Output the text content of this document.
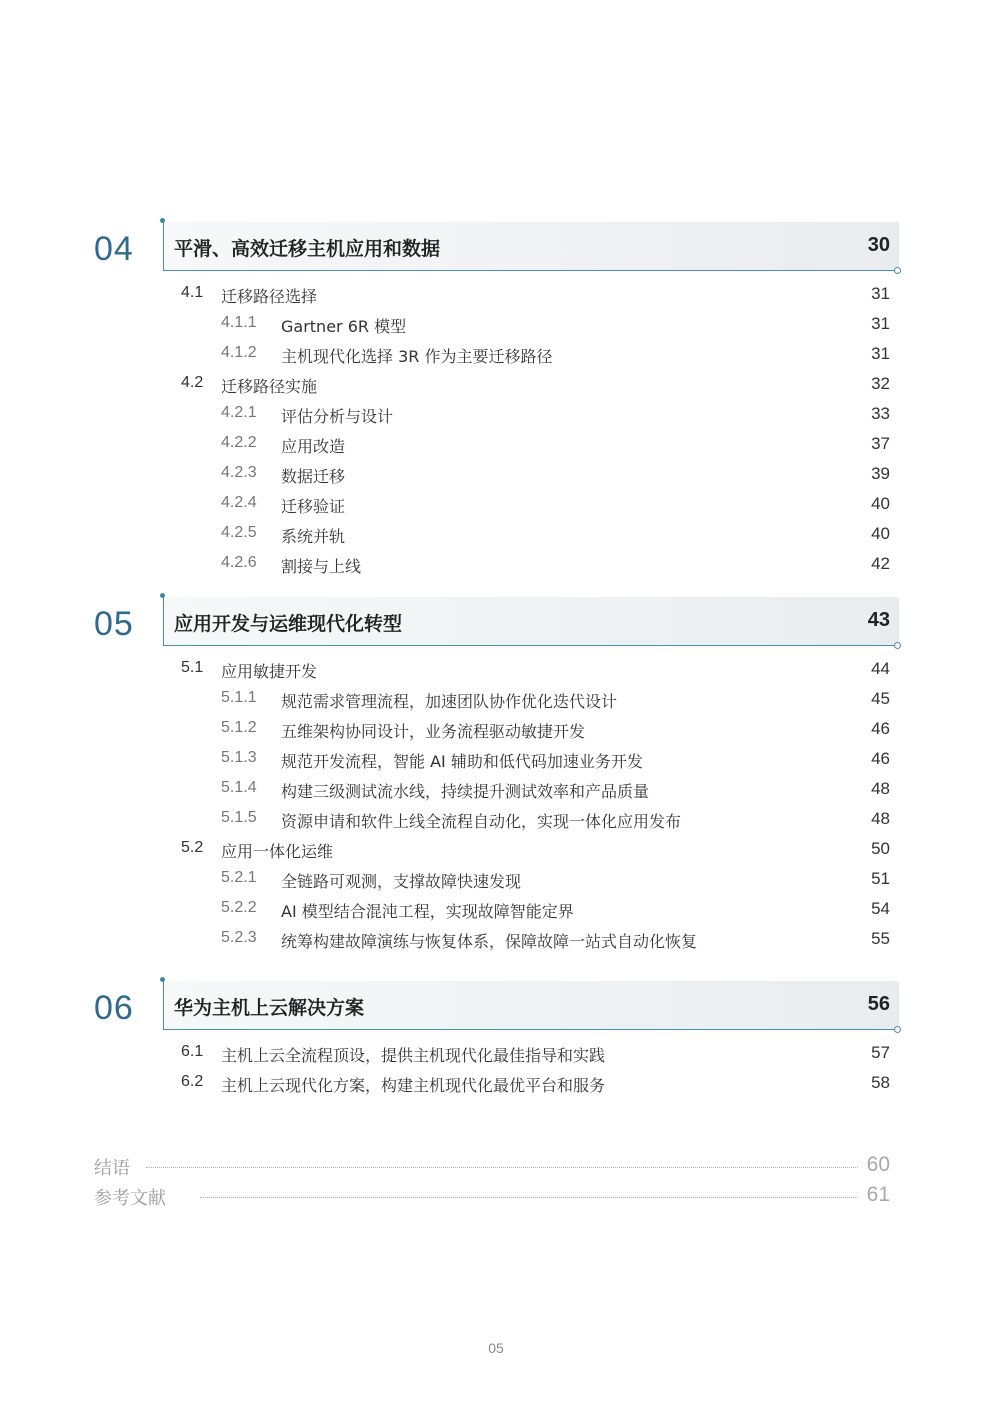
04 平滑、高效迁移主机应用和数据	30
4.1 迁移路径选择	31
4.1.1 Gartner 6R 模型	31
4.1.2 主机现代化选择 3R 作为主要迁移路径	31
4.2 迁移路径实施	32
4.2.1 评估分析与设计	33
4.2.2 应用改造	37
4.2.3 数据迁移	39
4.2.4 迁移验证	40
4.2.5 系统并轨	40
4.2.6 割接与上线	42
05 应用开发与运维现代化转型	43
5.1 应用敏捷开发	44
5.1.1 规范需求管理流程，加速团队协作优化迭代设计	45
5.1.2 五维架构协同设计，业务流程驱动敏捷开发	46
5.1.3 规范开发流程，智能 AI 辅助和低代码加速业务开发	46
5.1.4 构建三级测试流水线，持续提升测试效率和产品质量	48
5.1.5 资源申请和软件上线全流程自动化，实现一体化应用发布	48
5.2 应用一体化运维	50
5.2.1 全链路可观测，支撑故障快速发现	51
5.2.2 AI 模型结合混沌工程，实现故障智能定界	54
5.2.3 统筹构建故障演练与恢复体系，保障故障一站式自动化恢复	55
06 华为主机上云解决方案	56
6.1 主机上云全流程顶设，提供主机现代化最佳指导和实践	57
6.2 主机上云现代化方案，构建主机现代化最优平台和服务	58
结语	60
参考文献	61
05
